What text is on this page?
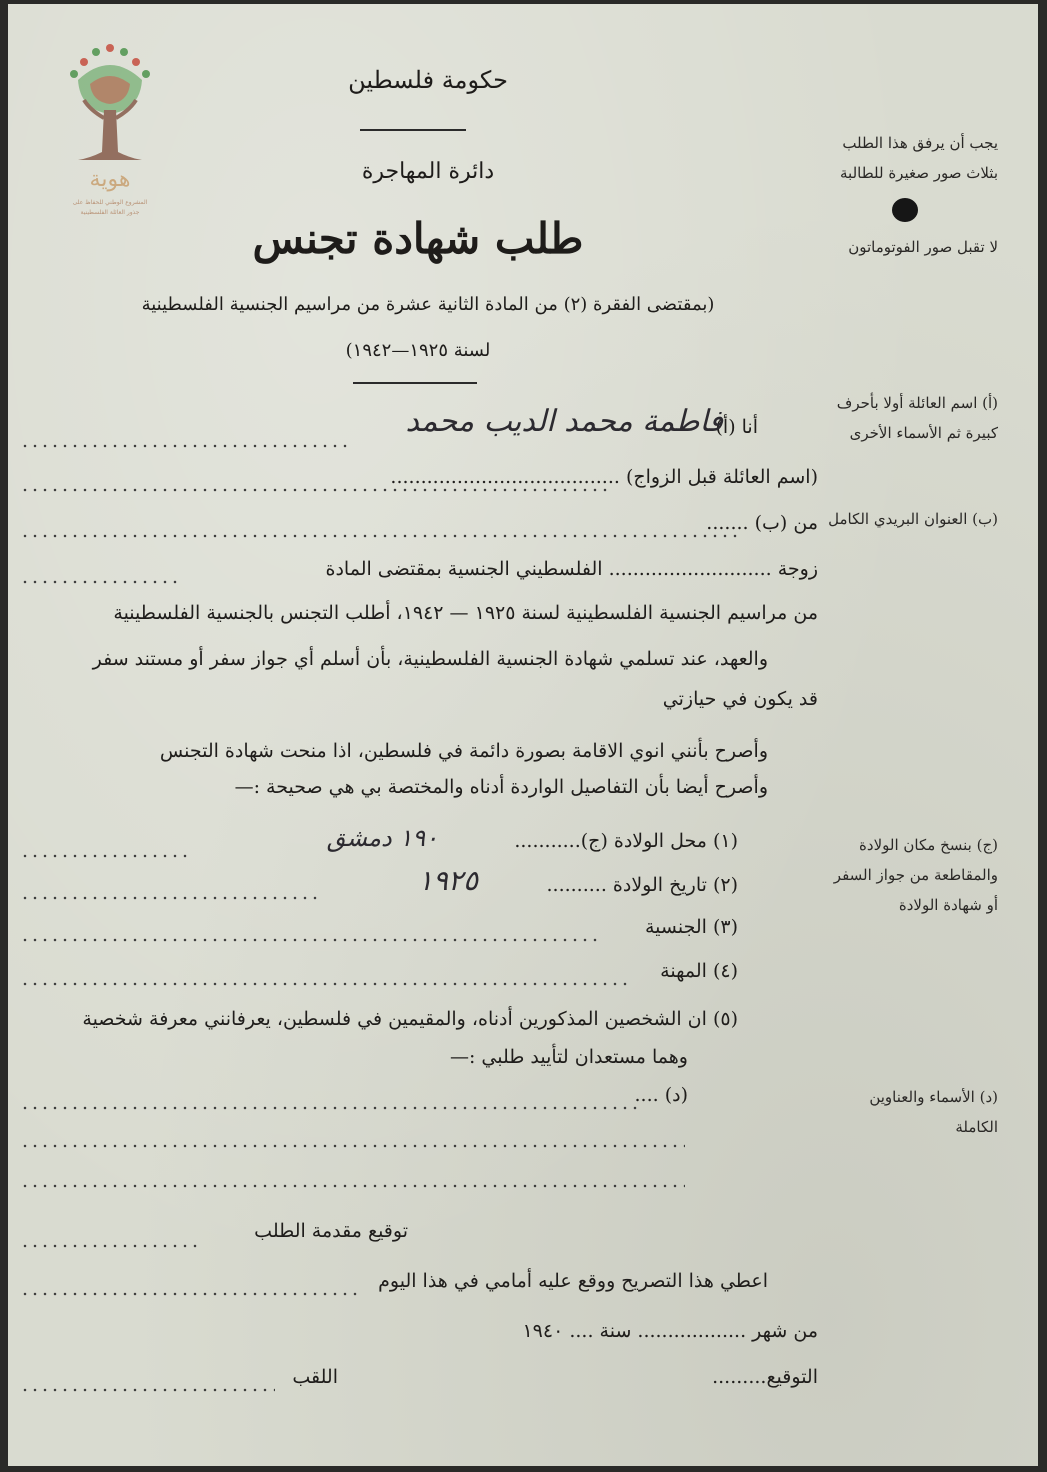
هوية
المشروع الوطني للحفاظ على
جذور العائلة الفلسطينية
حكومة فلسطين
دائرة المهاجرة
طلب شهادة تجنس
(بمقتضى الفقرة (٢) من المادة الثانية عشرة من مراسيم الجنسية الفلسطينية
لسنة ١٩٢٥—١٩٤٢)
يجب أن يرفق هذا الطلب بثلاث صور صغيرة للطالبة
لا تقبل صور الفوتوماتون
(أ) اسم العائلة أولا بأحرف كبيرة ثم الأسماء الأخرى
(ب) العنوان البريدي الكامل
(ج) بنسخ مكان الولادة والمقاطعة من جواز السفر أو شهادة الولادة
(د) الأسماء والعناوين الكاملة
أنا (أ)
فاطمة محمد الديب محمد
(اسم العائلة قبل الزواج) ......................................
من (ب) .......
زوجة ........................... الفلسطيني الجنسية بمقتضى المادة
من مراسيم الجنسية الفلسطينية لسنة ١٩٢٥ — ١٩٤٢، أطلب التجنس بالجنسية الفلسطينية
والعهد، عند تسلمي شهادة الجنسية الفلسطينية، بأن أسلم أي جواز سفر أو مستند سفر
قد يكون في حيازتي
وأصرح بأنني انوي الاقامة بصورة دائمة في فلسطين، اذا منحت شهادة التجنس
وأصرح أيضا بأن التفاصيل الواردة أدناه والمختصة بي هي صحيحة :—
(١) محل الولادة (ج)...........
١٩٠ دمشق
(٢) تاريخ الولادة ..........
١٩٢٥
(٣) الجنسية
(٤) المهنة
(٥) ان الشخصين المذكورين أدناه، والمقيمين في فلسطين، يعرفانني معرفة شخصية
وهما مستعدان لتأييد طلبي :—
(د) ....
توقيع مقدمة الطلب
اعطي هذا التصريح ووقع عليه أمامي في هذا اليوم
من شهر .................. سنة .... ١٩٤٠
التوقيع.........
اللقب
